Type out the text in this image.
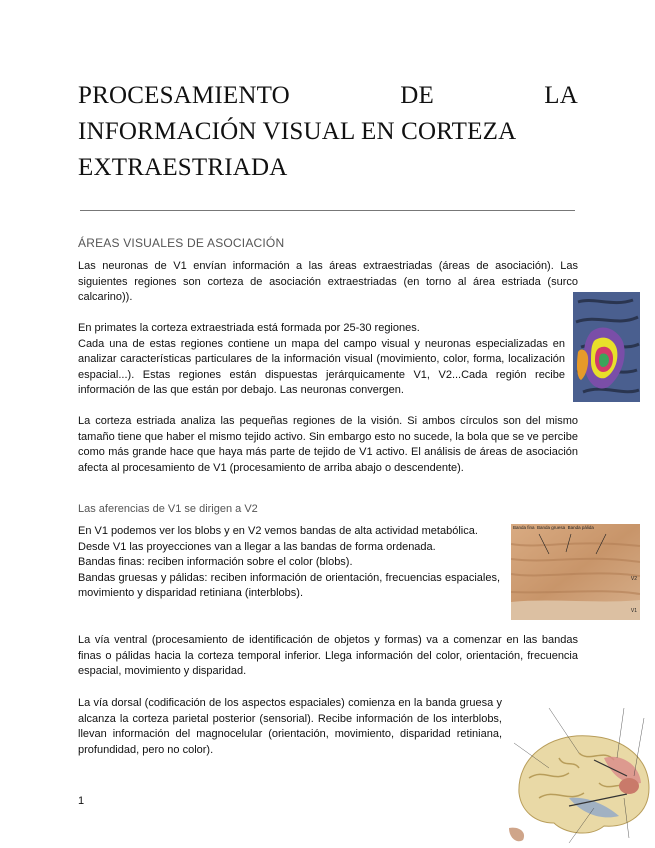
PROCESAMIENTO DE LA
INFORMACIÓN VISUAL EN CORTEZA
EXTRAESTRIADA
ÁREAS VISUALES DE ASOCIACIÓN

Las neuronas de V1 envían información a las áreas extraestriadas (áreas de asociación). Las siguientes regiones son corteza de asociación extraestriadas (en torno al área estriada (surco calcarino)).

En primates la corteza extraestriada está formada por 25-30 regiones.
Cada una de estas regiones contiene un mapa del campo visual y neuronas especializadas en analizar características particulares de la información visual (movimiento, color, forma, localización espacial...). Estas regiones están dispuestas jerárquicamente V1, V2...Cada región recibe información de las que están por debajo. Las neuronas convergen.

La corteza estriada analiza las pequeñas regiones de la visión. Si ambos círculos son del mismo tamaño tiene que haber el mismo tejido activo. Sin embargo esto no sucede, la bola que se ve percibe como más grande hace que haya más parte de tejido de V1 activo. El análisis de áreas de asociación afecta al procesamiento de V1 (procesamiento de arriba abajo o descendente).

Las aferencias de V1 se dirigen a V2

En V1 podemos ver los blobs y en V2 vemos bandas de alta actividad metabólica.
Desde V1 las proyecciones van a llegar a las bandas de forma ordenada.
Bandas finas: reciben información sobre el color (blobs).
Bandas gruesas y pálidas: reciben información de orientación, frecuencias espaciales, movimiento y disparidad retiniana (interblobs).

La vía ventral (procesamiento de identificación de objetos y formas) va a comenzar en las bandas finas o pálidas hacia la corteza temporal inferior. Llega información del color, orientación, frecuencia espacial, movimiento y disparidad.

La vía dorsal (codificación de los aspectos espaciales) comienza en la banda gruesa y alcanza la corteza parietal posterior (sensorial). Recibe información de los interblobs, llevan información del magnocelular (orientación, movimiento, disparidad retiniana, profundidad, pero no color).

1
Banda fina Banda gruesa Banda pálida
V2
V1
